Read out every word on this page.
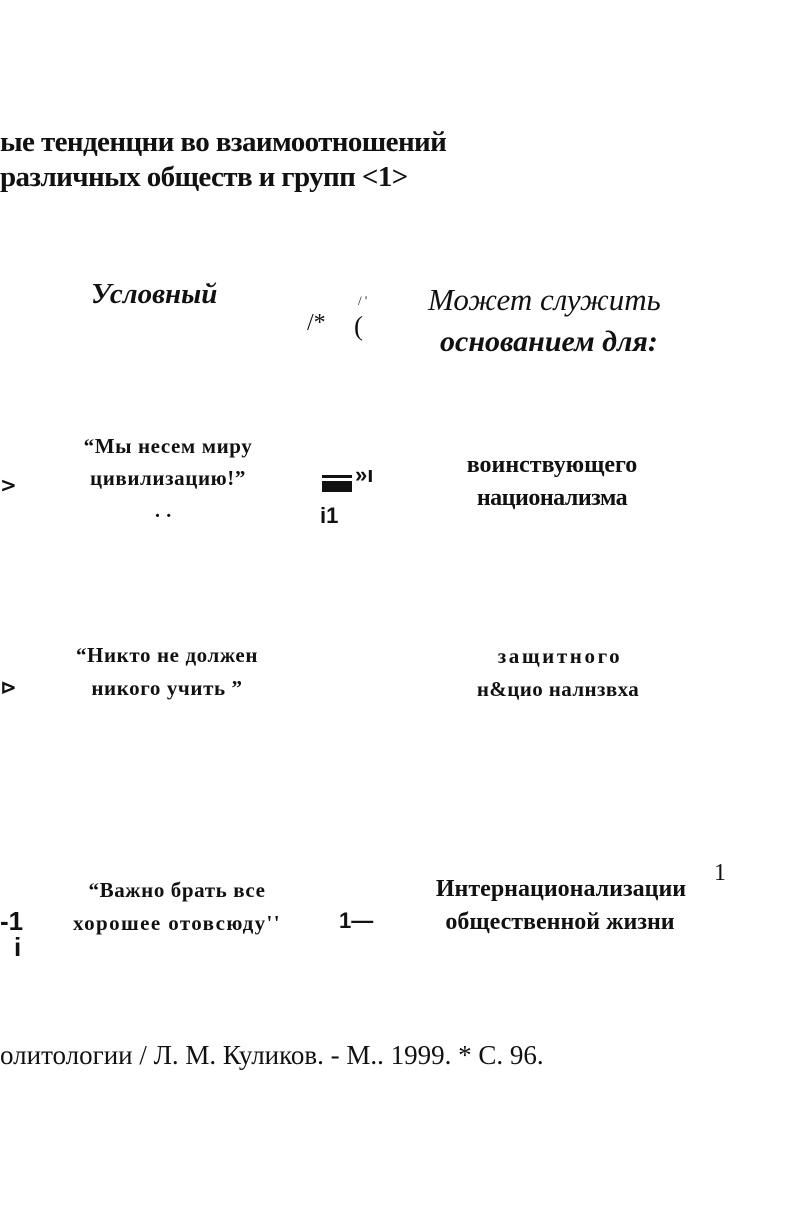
ые тенденцни во взаимоотношений
различных обществ и групп <1>
Условный	Может служить
основанием для:
/* (
/ '
>
“Мы несем миру
цивилизацию!”
. .
»ı
i1
воинствующего
национализма
⊳
“Никто не должен
никого учить ”
защитного
н&цио налнзвха
-1
i
“Важно брать все
хорошее отовсюду''	1—
Интернационализации
1
общественной жизни
олитологии / Л. М. Куликов. - М.. 1999. * С. 96.
